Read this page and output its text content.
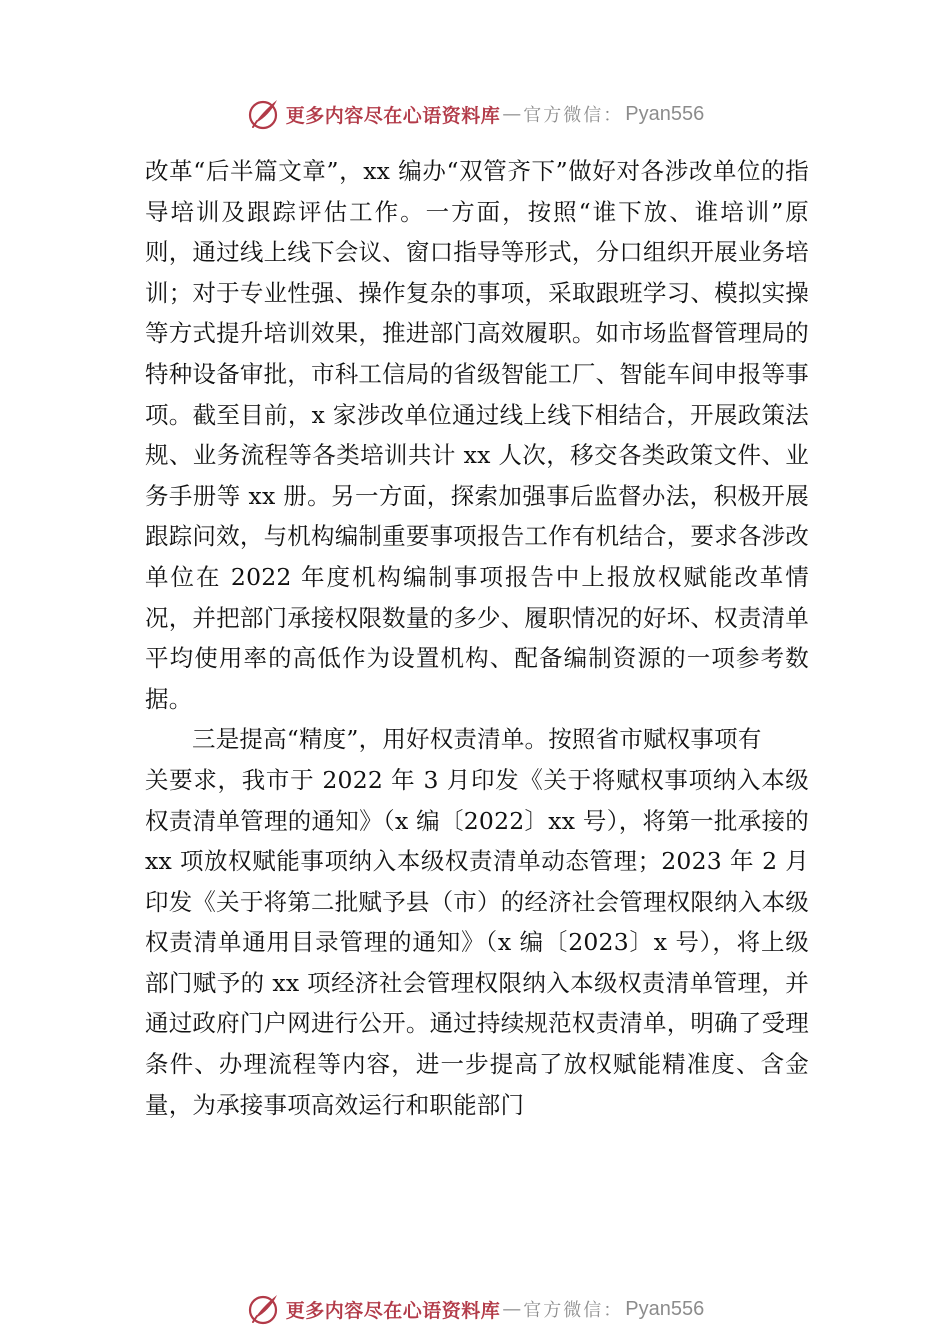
更多内容尽在心语资料库 — 官方微信： Pyan556

改革“后半篇文章”，xx 编办“双管齐下”做好对各涉改单位的指导培训及跟踪评估工作。一方面，按照“谁下放、谁培训”原则，通过线上线下会议、窗口指导等形式，分口组织开展业务培训；对于专业性强、操作复杂的事项，采取跟班学习、模拟实操等方式提升培训效果，推进部门高效履职。如市场监督管理局的特种设备审批，市科工信局的省级智能工厂、智能车间申报等事项。截至目前，x 家涉改单位通过线上线下相结合，开展政策法规、业务流程等各类培训共计 xx 人次，移交各类政策文件、业务手册等 xx 册。另一方面，探索加强事后监督办法，积极开展跟踪问效，与机构编制重要事项报告工作有机结合，要求各涉改单位在 2022 年度机构编制事项报告中上报放权赋能改革情况，并把部门承接权限数量的多少、履职情况的好坏、权责清单平均使用率的高低作为设置机构、配备编制资源的一项参考数据。

三是提高“精度”，用好权责清单。按照省市赋权事项有

关要求，我市于 2022 年 3 月印发《关于将赋权事项纳入本级权责清单管理的通知》（x 编〔2022〕xx 号），将第一批承接的 xx 项放权赋能事项纳入本级权责清单动态管理；2023 年 2 月印发《关于将第二批赋予县（市）的经济社会管理权限纳入本级权责清单通用目录管理的通知》（x 编〔2023〕x 号），将上级部门赋予的 xx 项经济社会管理权限纳入本级权责清单管理，并通过政府门户网进行公开。通过持续规范权责清单，明确了受理条件、办理流程等内容，进一步提高了放权赋能精准度、含金量，为承接事项高效运行和职能部门

更多内容尽在心语资料库 — 官方微信： Pyan556
